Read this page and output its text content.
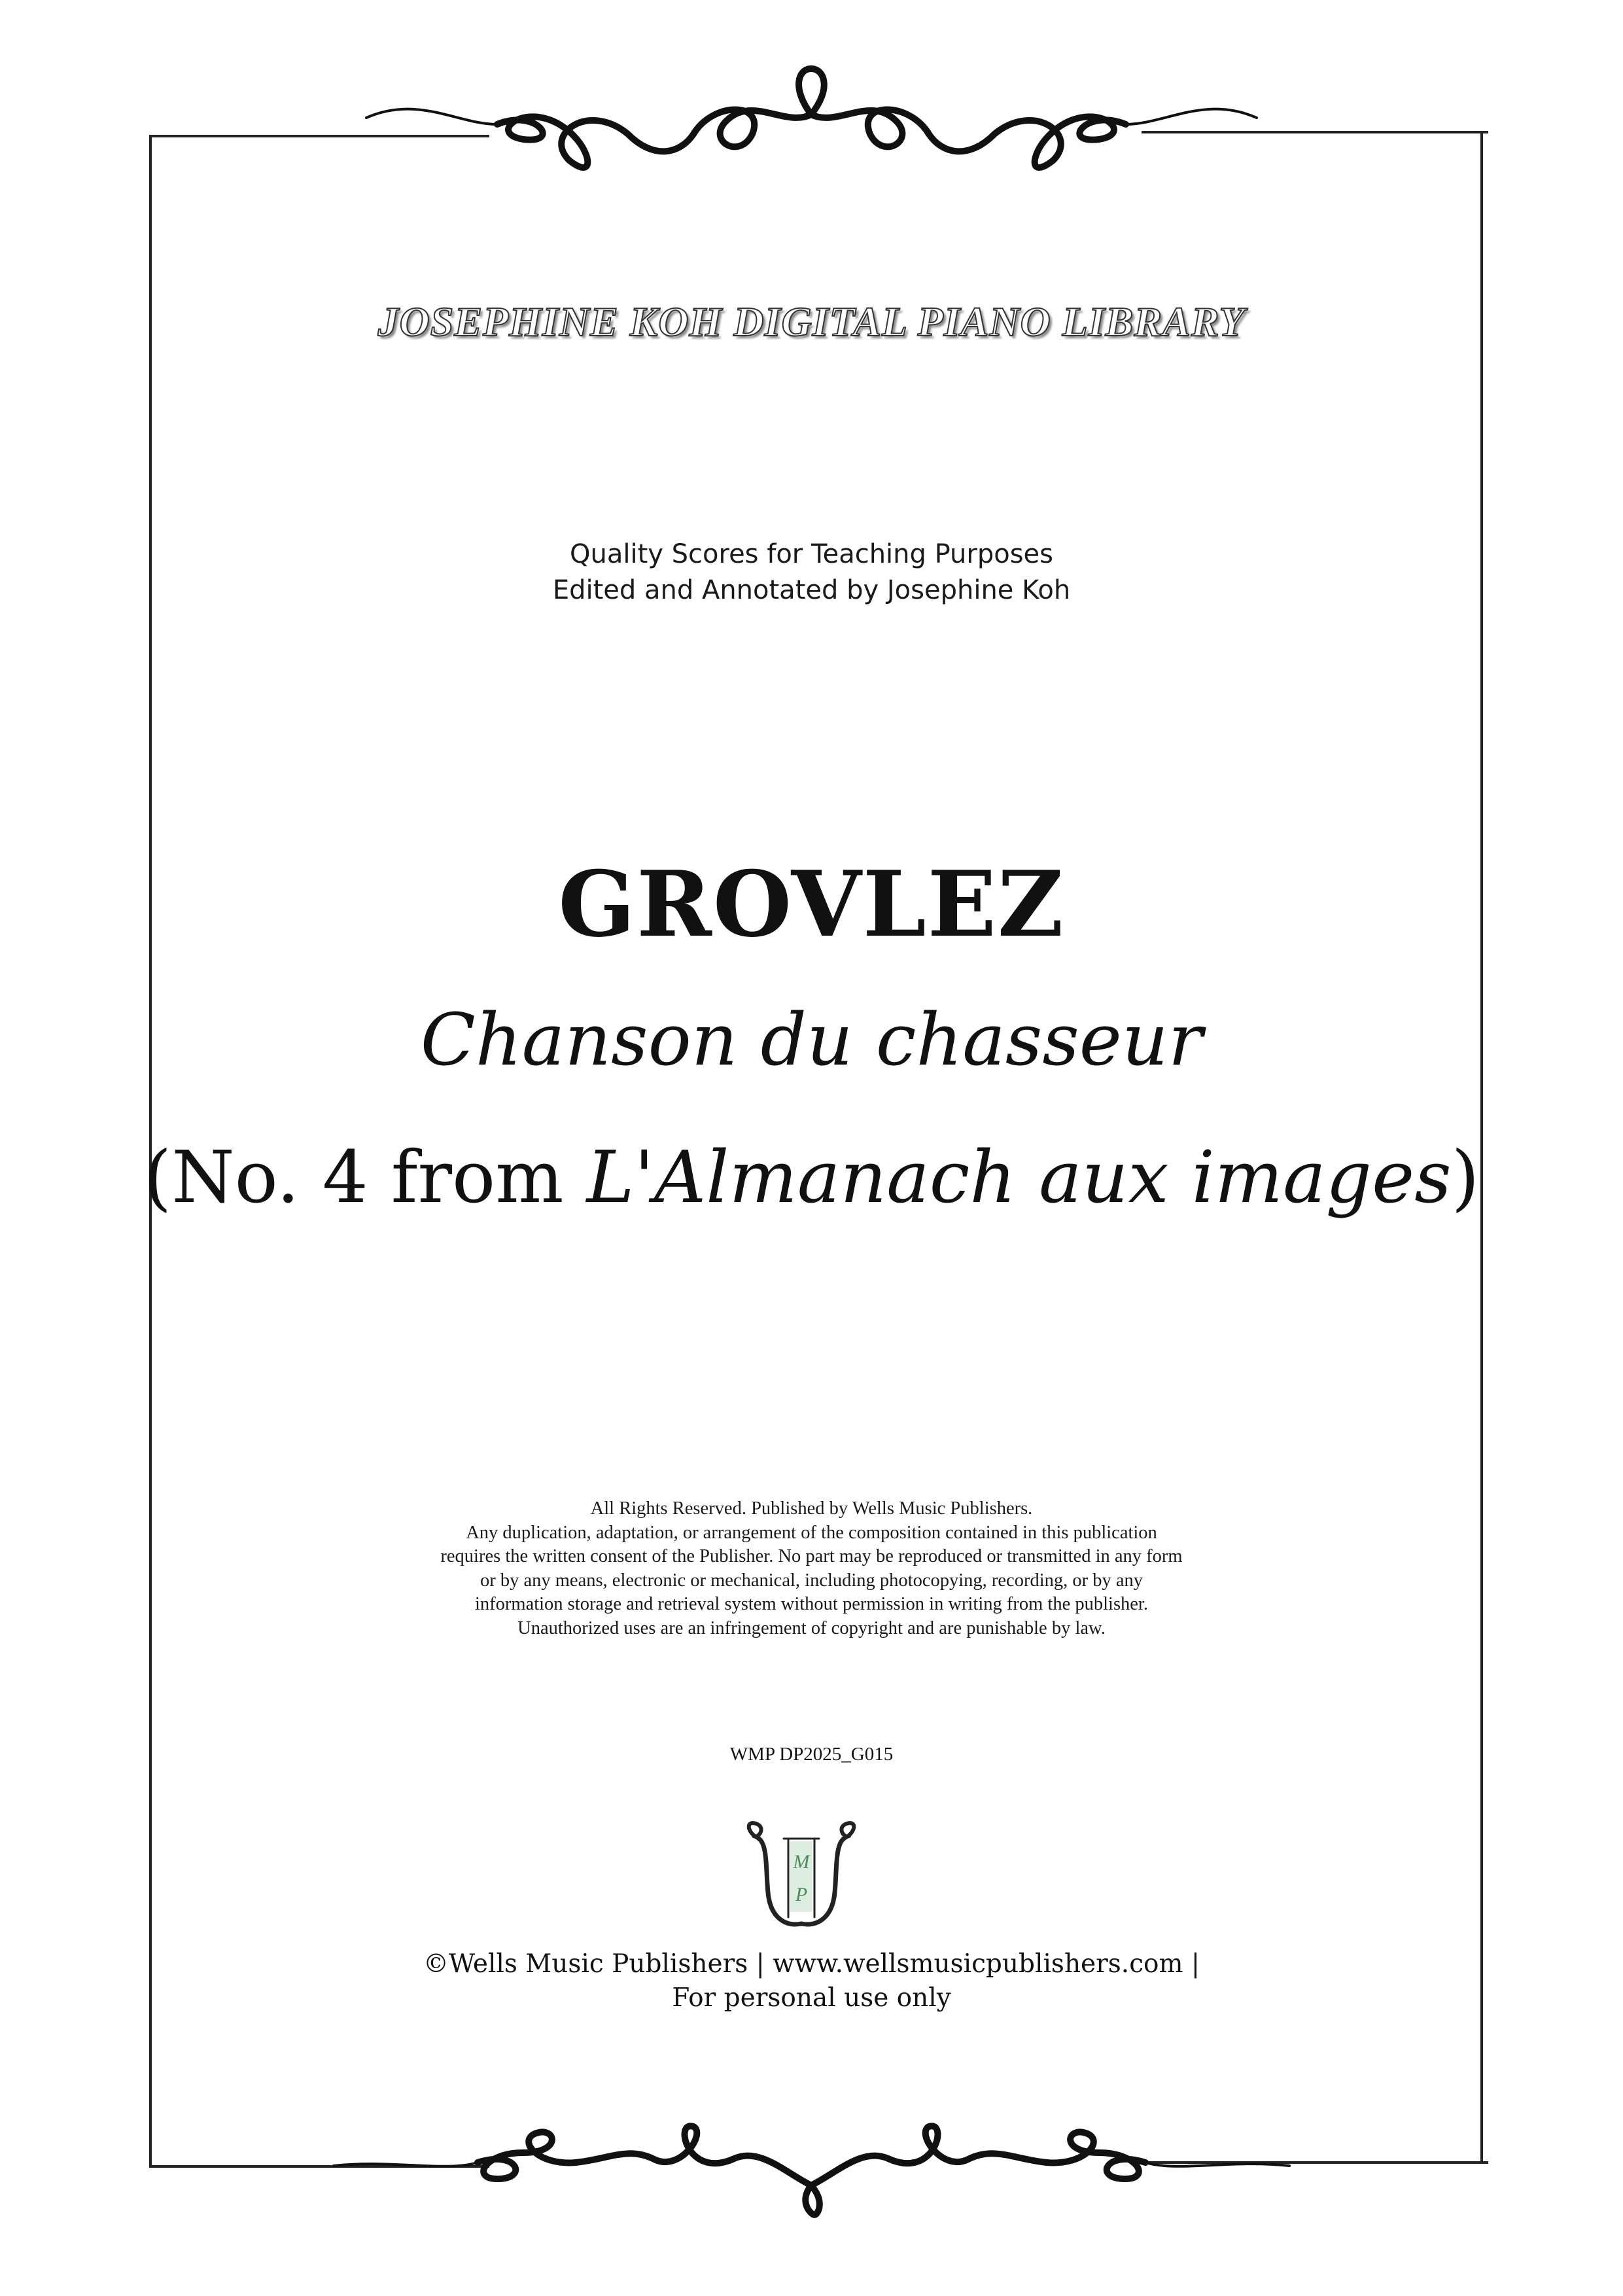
JOSEPHINE KOH DIGITAL PIANO LIBRARY
Quality Scores for Teaching Purposes
Edited and Annotated by Josephine Koh
GROVLEZ
Chanson du chasseur
(No. 4 from L'Almanach aux images)
All Rights Reserved. Published by Wells Music Publishers.
Any duplication, adaptation, or arrangement of the composition contained in this publication
requires the written consent of the Publisher. No part may be reproduced or transmitted in any form
or by any means, electronic or mechanical, including photocopying, recording, or by any
information storage and retrieval system without permission in writing from the publisher.
Unauthorized uses are an infringement of copyright and are punishable by law.
WMP DP2025_G015
M
P
©Wells Music Publishers | www.wellsmusicpublishers.com |
For personal use only
